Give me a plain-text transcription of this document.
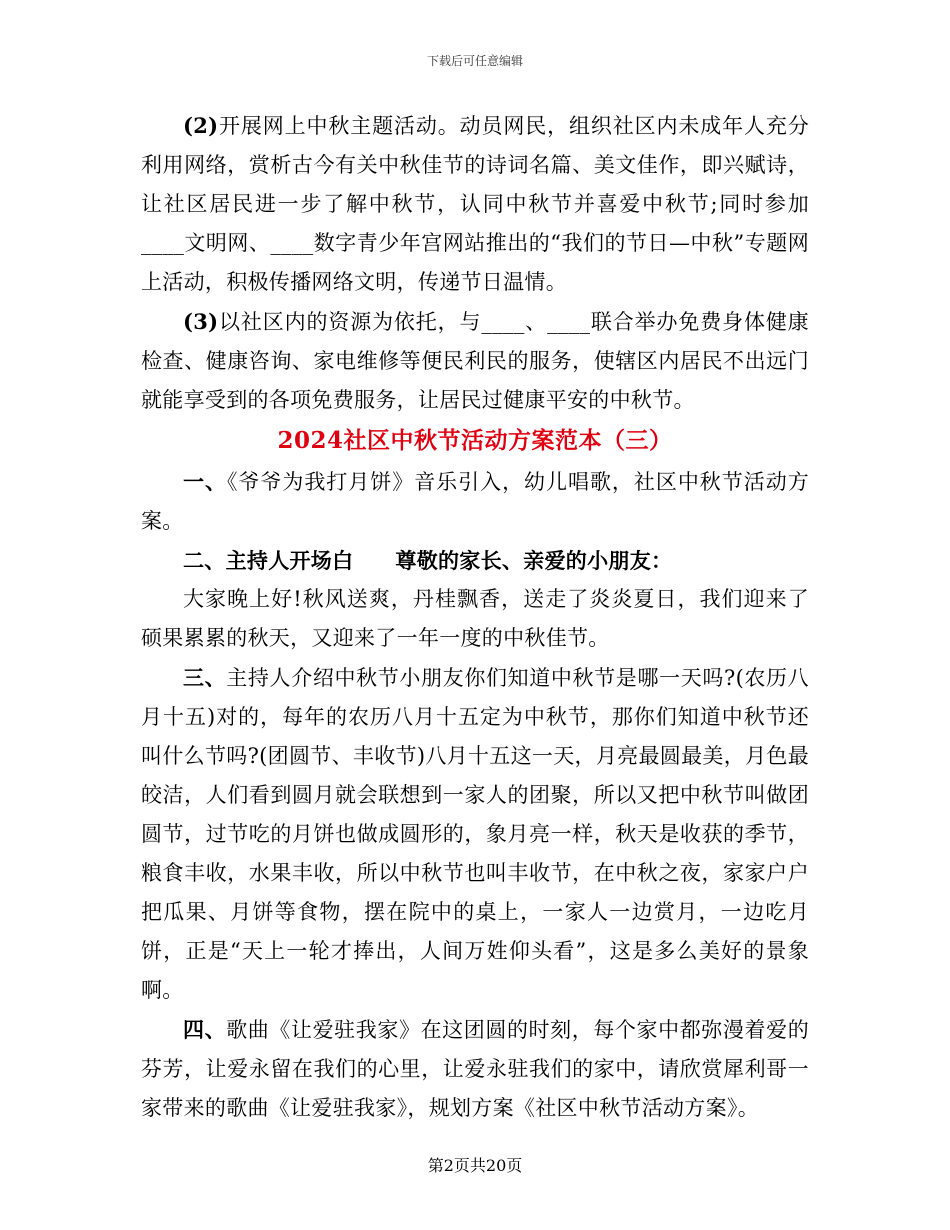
下载后可任意编辑

(2)开展网上中秋主题活动。动员网民，组织社区内未成年人充分利用网络，赏析古今有关中秋佳节的诗词名篇、美文佳作，即兴赋诗，让社区居民进一步了解中秋节，认同中秋节并喜爱中秋节;同时参加____文明网、____数字青少年宫网站推出的“我们的节日—中秋”专题网上活动，积极传播网络文明，传递节日温情。

(3)以社区内的资源为依托，与____、____联合举办免费身体健康检查、健康咨询、家电维修等便民利民的服务，使辖区内居民不出远门就能享受到的各项免费服务，让居民过健康平安的中秋节。

2024社区中秋节活动方案范本（三）

一、《爷爷为我打月饼》音乐引入，幼儿唱歌，社区中秋节活动方案。

二、主持人开场白 尊敬的家长、亲爱的小朋友：

大家晚上好!秋风送爽，丹桂飘香，送走了炎炎夏日，我们迎来了硕果累累的秋天，又迎来了一年一度的中秋佳节。

三、主持人介绍中秋节小朋友你们知道中秋节是哪一天吗?(农历八月十五)对的，每年的农历八月十五定为中秋节，那你们知道中秋节还叫什么节吗?(团圆节、丰收节)八月十五这一天，月亮最圆最美，月色最皎洁，人们看到圆月就会联想到一家人的团聚，所以又把中秋节叫做团圆节，过节吃的月饼也做成圆形的，象月亮一样，秋天是收获的季节，粮食丰收，水果丰收，所以中秋节也叫丰收节，在中秋之夜，家家户户把瓜果、月饼等食物，摆在院中的桌上，一家人一边赏月，一边吃月饼，正是“天上一轮才捧出，人间万姓仰头看”，这是多么美好的景象啊。

四、歌曲《让爱驻我家》在这团圆的时刻，每个家中都弥漫着爱的芬芳，让爱永留在我们的心里，让爱永驻我们的家中，请欣赏犀利哥一家带来的歌曲《让爱驻我家》，规划方案《社区中秋节活动方案》。

第2页共20页
